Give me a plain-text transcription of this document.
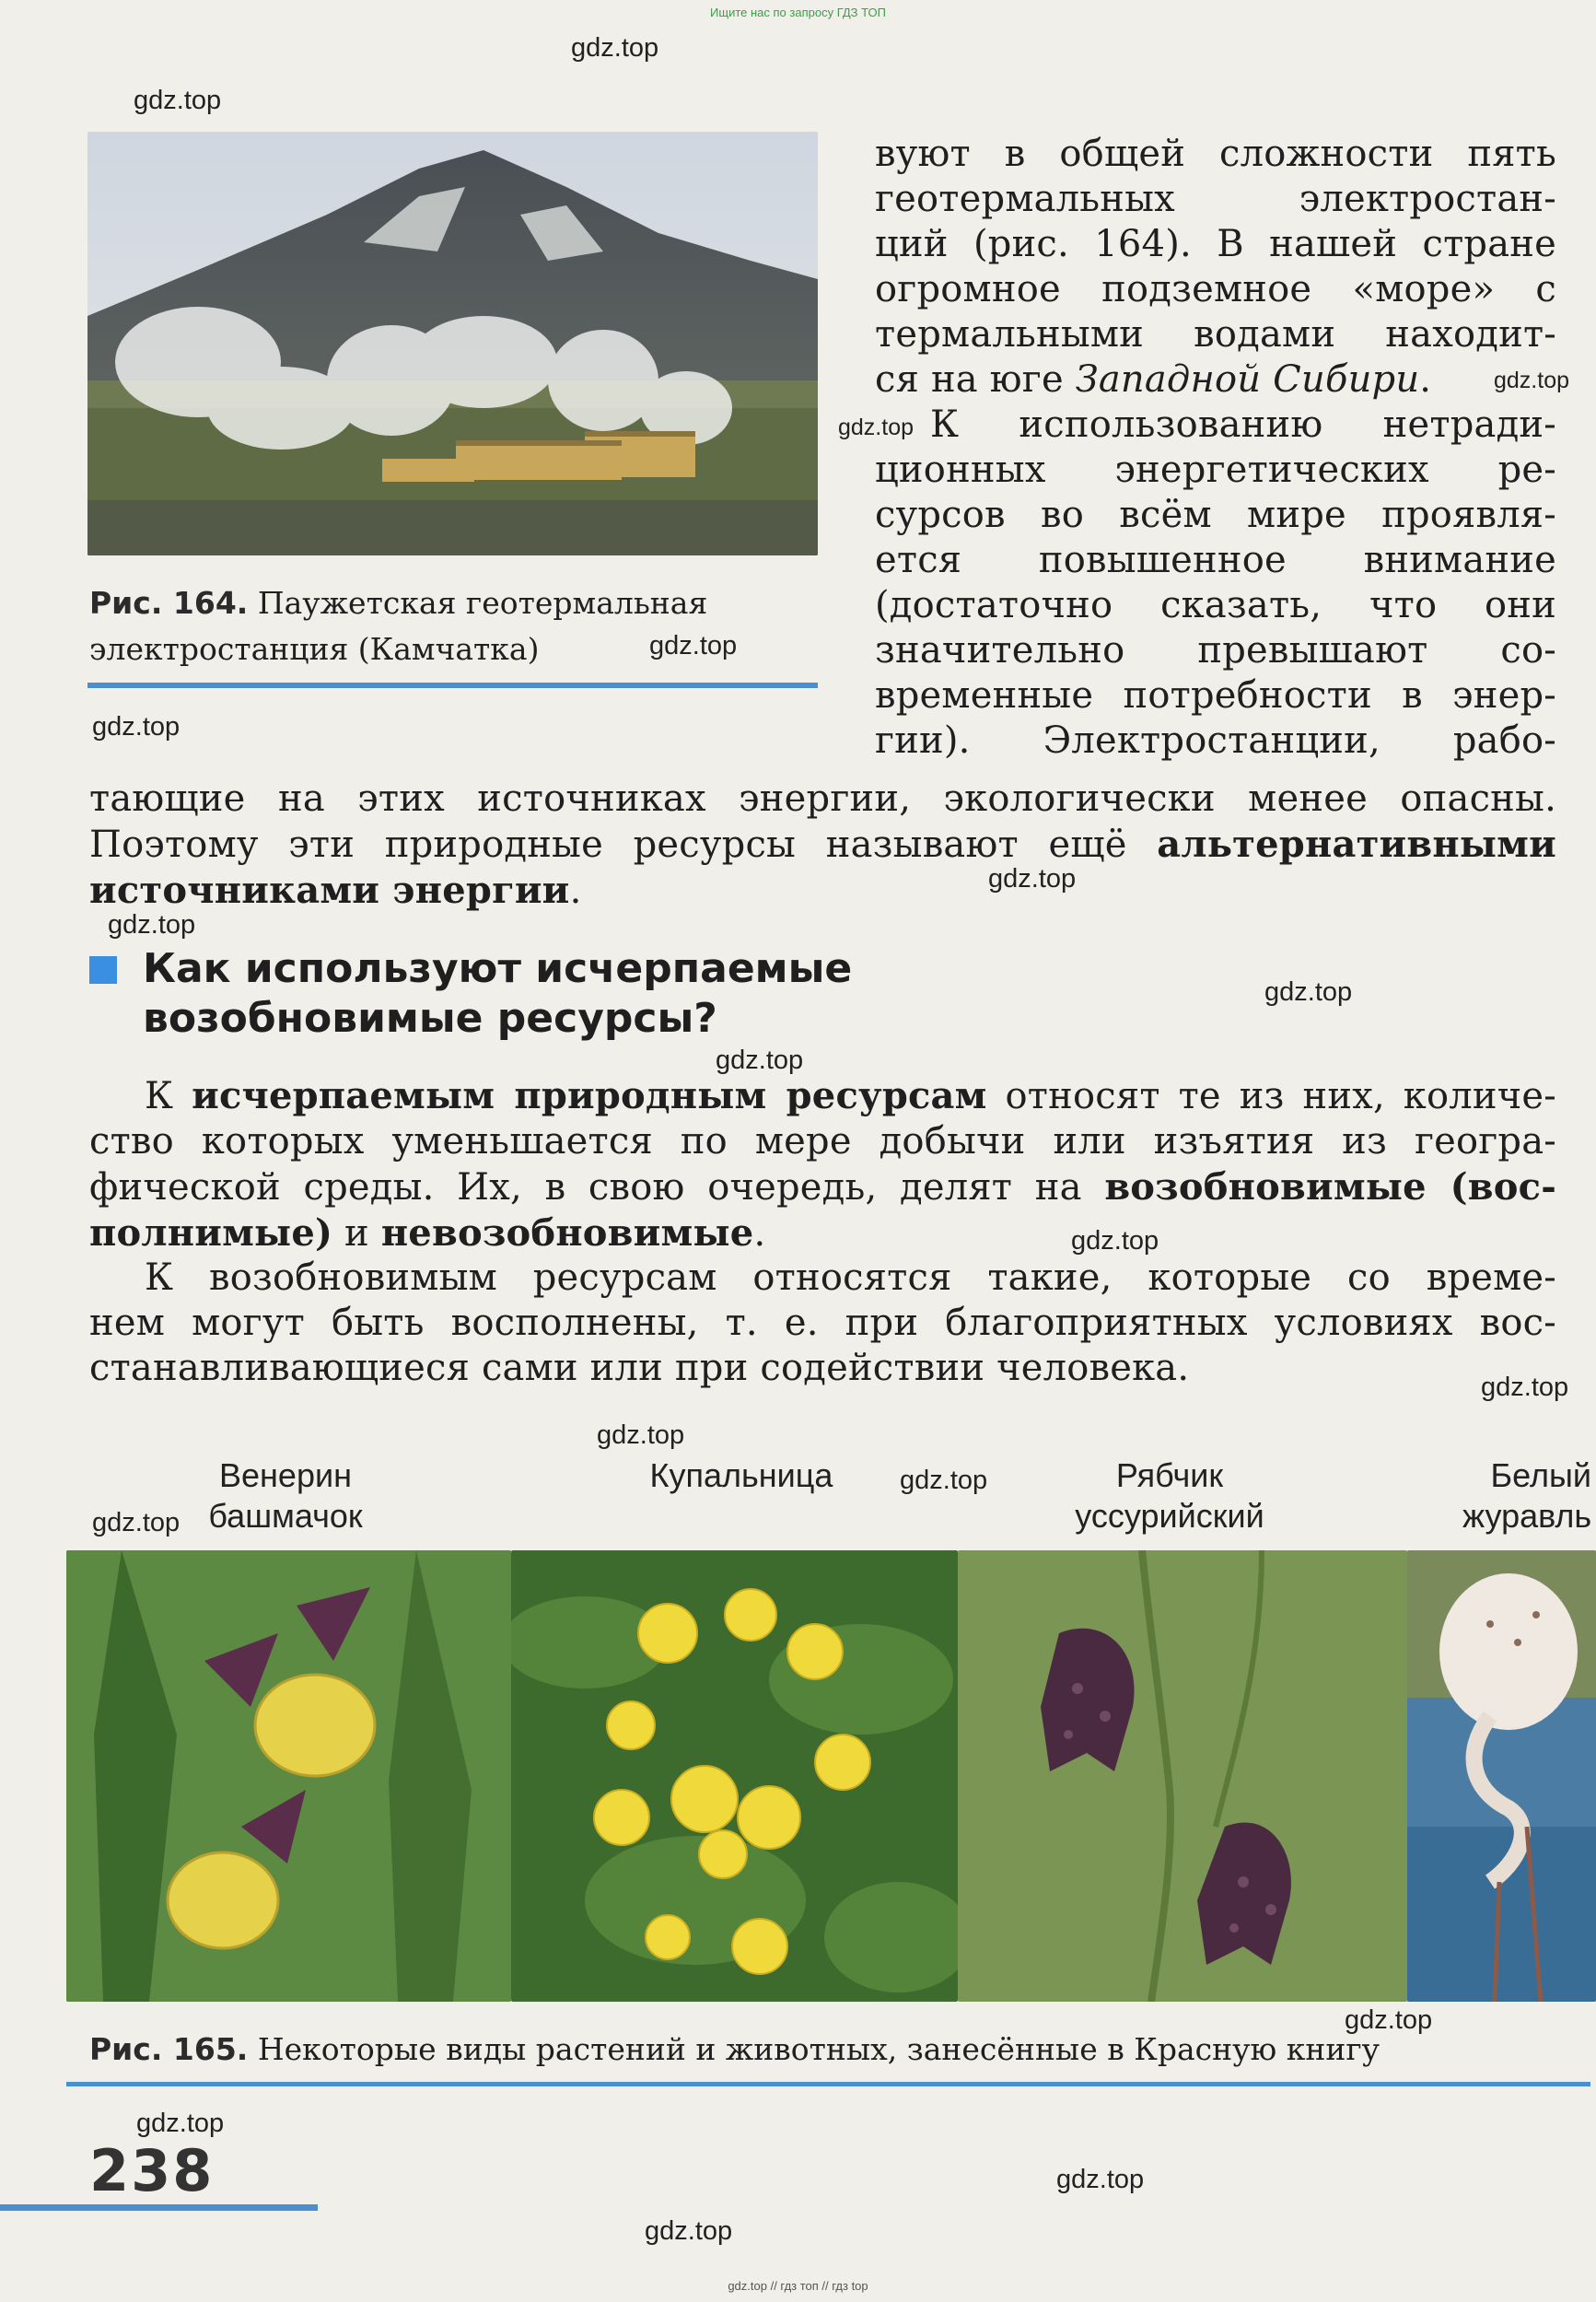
Ищите нас по запросу ГДЗ ТОП
gdz.top // гдз топ // гдз top
Рис. 164. Паужетская геотермальная
электростанция (Камчатка)
вуют в общей сложности пять
геотермальных	электростан-
ций (рис. 164). В нашей стране
огромное подземное «море» с
термальными водами находит-
ся на юге Западной Сибири.
К использованию нетради-
ционных энергетических ре-
сурсов во всём мире проявля-
ется повышенное внимание
(достаточно сказать, что они
значительно превышают со-
временные потребности в энер-
гии). Электростанции, рабо-
тающие на этих источниках энергии, экологически менее опасны.
Поэтому эти природные ресурсы называют ещё альтернативными
источниками энергии.
Как используют исчерпаемые
возобновимые ресурсы?
К исчерпаемым природным ресурсам относят те из них, количе-
ство которых уменьшается по мере добычи или изъятия из геогра-
фической среды. Их, в свою очередь, делят на возобновимые (вос-
полнимые) и невозобновимые.
К возобновимым ресурсам относятся такие, которые со време-
нем могут быть восполнены, т. е. при благоприятных условиях вос-
станавливающиеся сами или при содействии человека.
Венерин
башмачок
Купальница	Рябчик
уссурийский
Белый
журавль
Рис. 165. Некоторые виды растений и животных, занесённые в Красную книгу
238
gdz.top
gdz.top
gdz.top
gdz.top
gdz.top
gdz.top
gdz.top
gdz.top
gdz.top
gdz.top
gdz.top
gdz.top
gdz.top
gdz.top
gdz.top
gdz.top
gdz.top
gdz.top
gdz.top
